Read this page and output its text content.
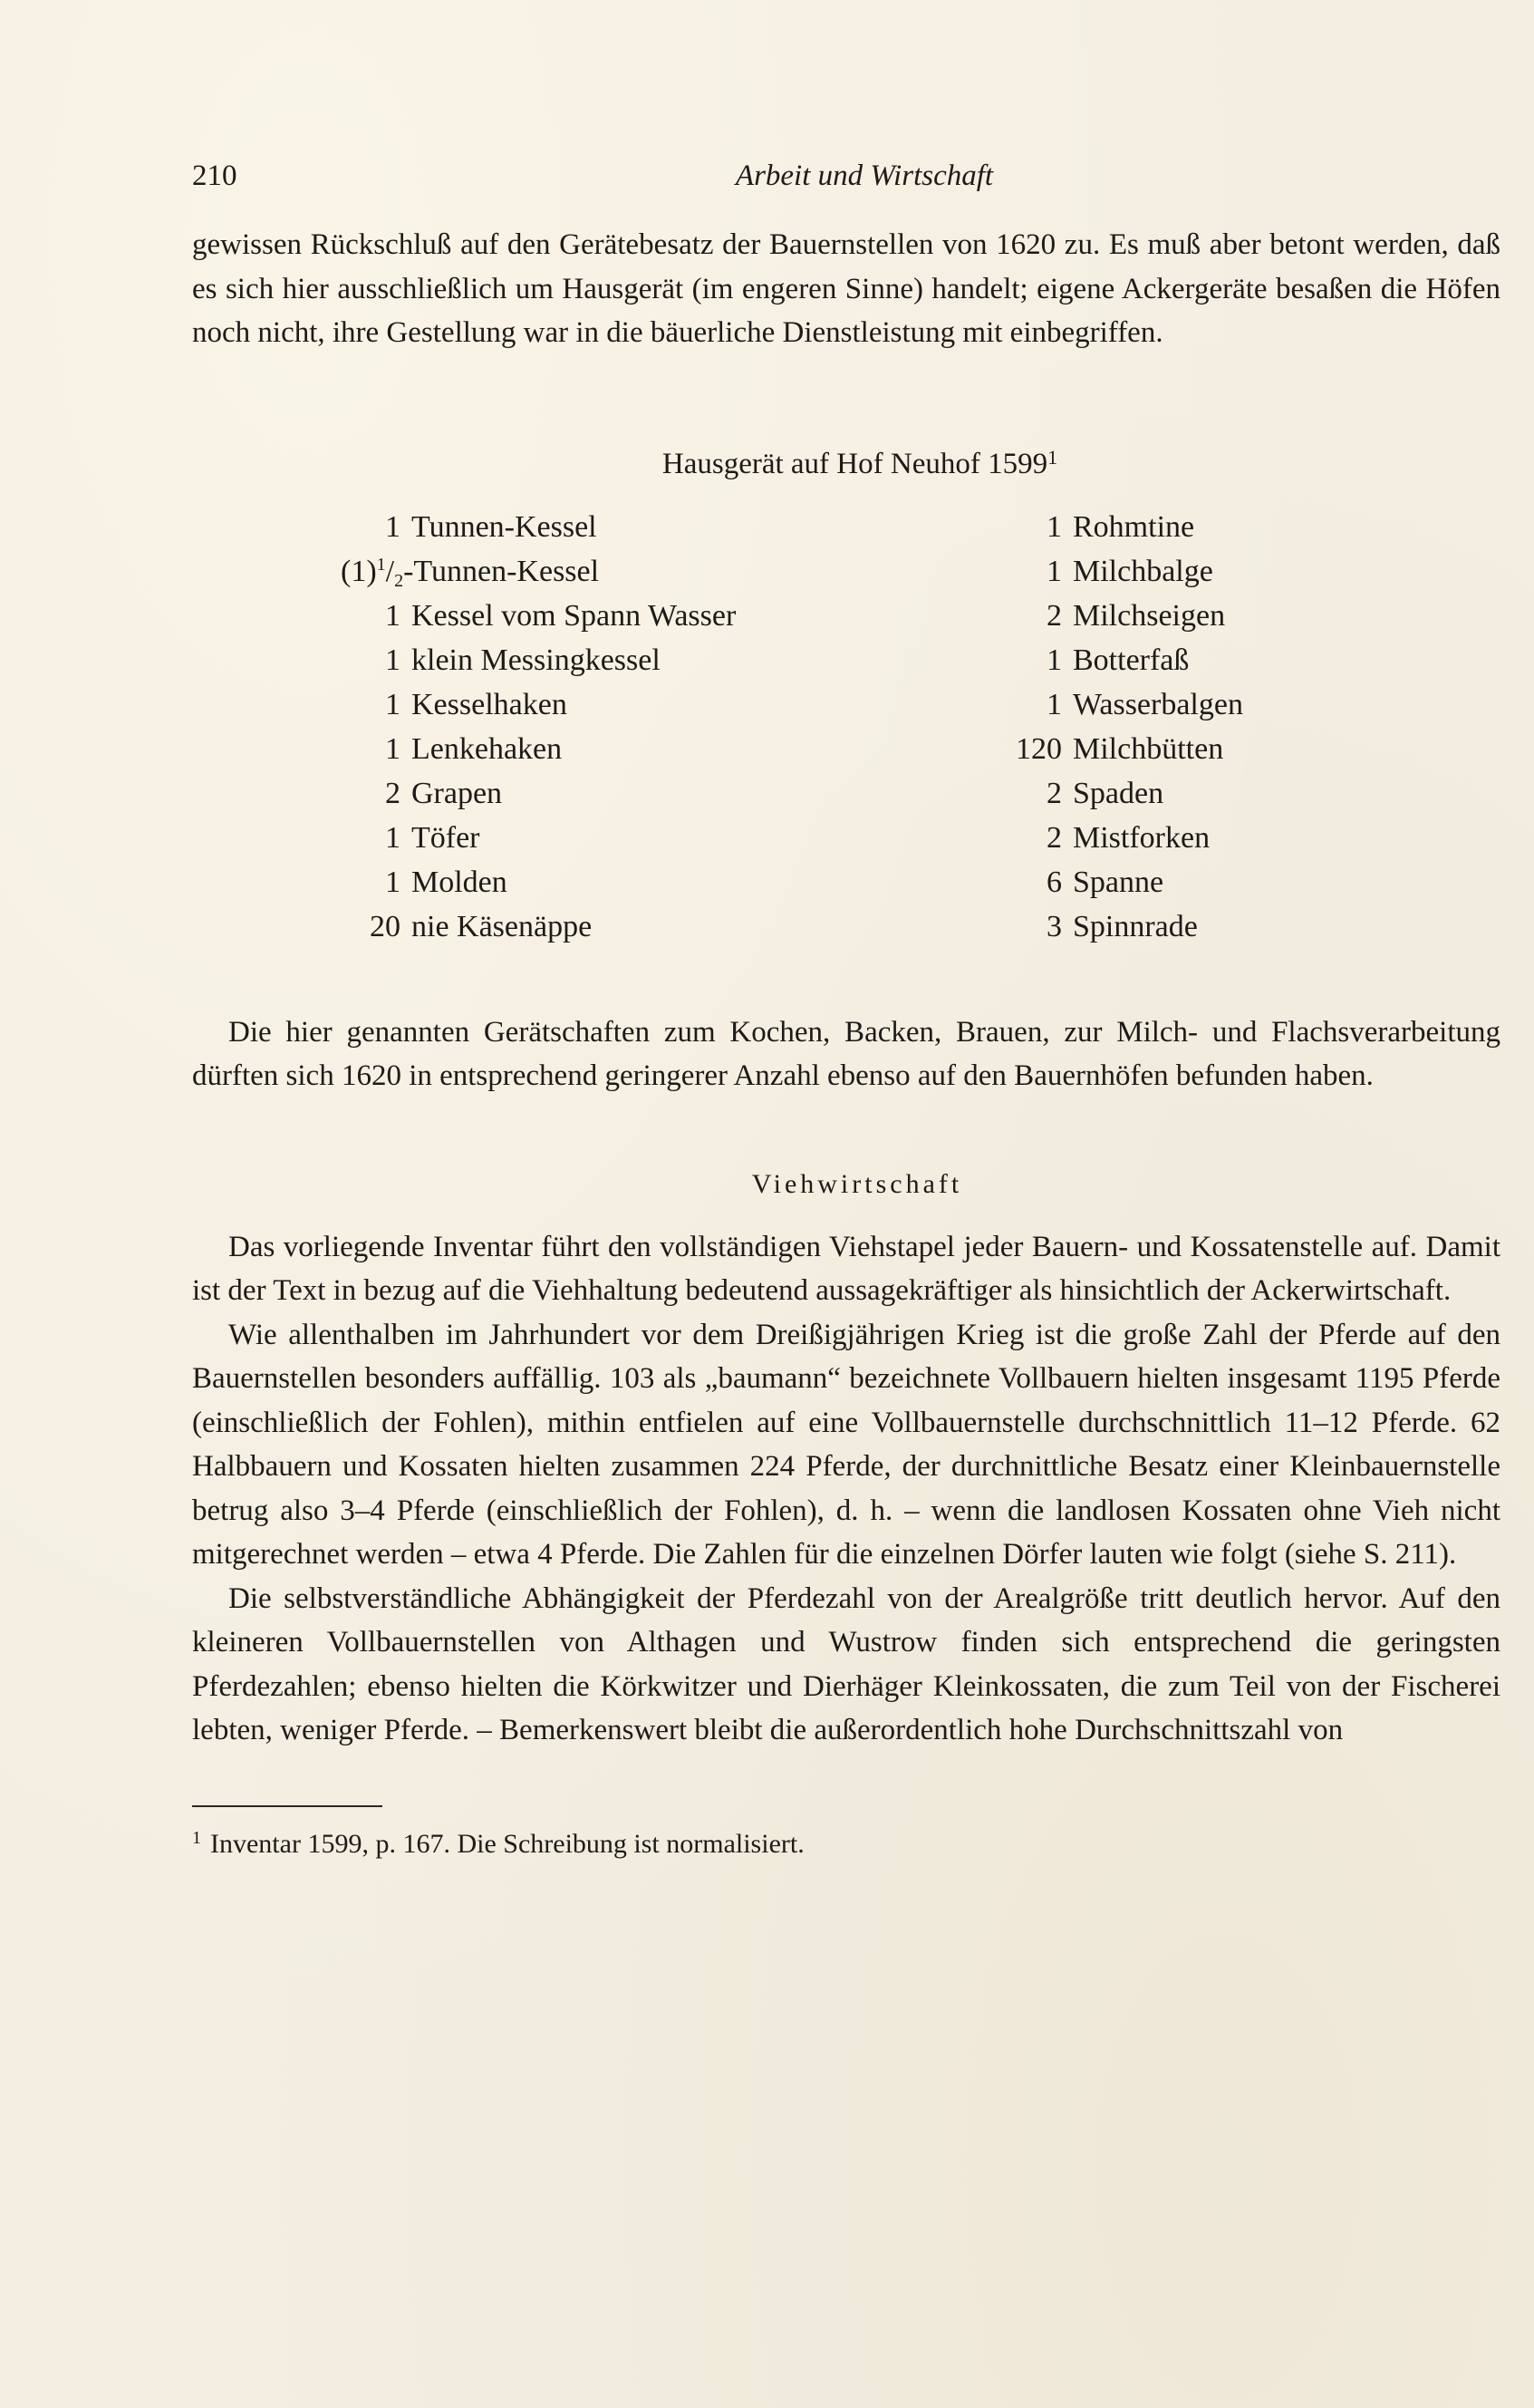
210	Arbeit und Wirtschaft

gewissen Rückschluß auf den Gerätebesatz der Bauernstellen von 1620 zu. Es muß aber betont werden, daß es sich hier ausschließlich um Hausgerät (im engeren Sinne) handelt; eigene Ackergeräte besaßen die Höfen noch nicht, ihre Gestellung war in die bäuerliche Dienstleistung mit einbegriffen.

Hausgerät auf Hof Neuhof 1599$^1$
1 Tunnen-Kessel
$(1)^1/_2$ -Tunnen-Kessel
1 Kessel vom Spann Wasser
1 klein Messingkessel
1 Kesselhaken
1 Lenkehaken
2 Grapen
1 Töfer
1 Molden
20 nie Käsenäppe
1 Rohmtine
1 Milchbalge
2 Milchseigen
1 Botterfaß
1 Wasserbalgen
120 Milchbütten
2 Spaden
2 Mistforken
6 Spanne
3 Spinnrade

Die hier genannten Gerätschaften zum Kochen, Backen, Brauen, zur Milch- und Flachsverarbeitung dürften sich 1620 in entsprechend geringerer Anzahl ebenso auf den Bauernhöfen befunden haben.

Viehwirtschaft

Das vorliegende Inventar führt den vollständigen Viehstapel jeder Bauern- und Kossatenstelle auf. Damit ist der Text in bezug auf die Viehhaltung bedeutend aussagekräftiger als hinsichtlich der Ackerwirtschaft.

Wie allenthalben im Jahrhundert vor dem Dreißigjährigen Krieg ist die große Zahl der Pferde auf den Bauernstellen besonders auffällig. 103 als „baumann“ bezeichnete Vollbauern hielten insgesamt 1195 Pferde (einschließlich der Fohlen), mithin entfielen auf eine Vollbauernstelle durchschnittlich 11–12 Pferde. 62 Halbbauern und Kossaten hielten zusammen 224 Pferde, der durchnittliche Besatz einer Kleinbauernstelle betrug also 3–4 Pferde (einschließlich der Fohlen), d. h. – wenn die landlosen Kossaten ohne Vieh nicht mitgerechnet werden – etwa 4 Pferde. Die Zahlen für die einzelnen Dörfer lauten wie folgt (siehe S. 211).

Die selbstverständliche Abhängigkeit der Pferdezahl von der Arealgröße tritt deutlich hervor. Auf den kleineren Vollbauernstellen von Althagen und Wustrow finden sich entsprechend die geringsten Pferdezahlen; ebenso hielten die Körkwitzer und Dierhäger Kleinkossaten, die zum Teil von der Fischerei lebten, weniger Pferde. – Bemerkenswert bleibt die außerordentlich hohe Durchschnittszahl von

$^1$ Inventar 1599, p. 167. Die Schreibung ist normalisiert.
